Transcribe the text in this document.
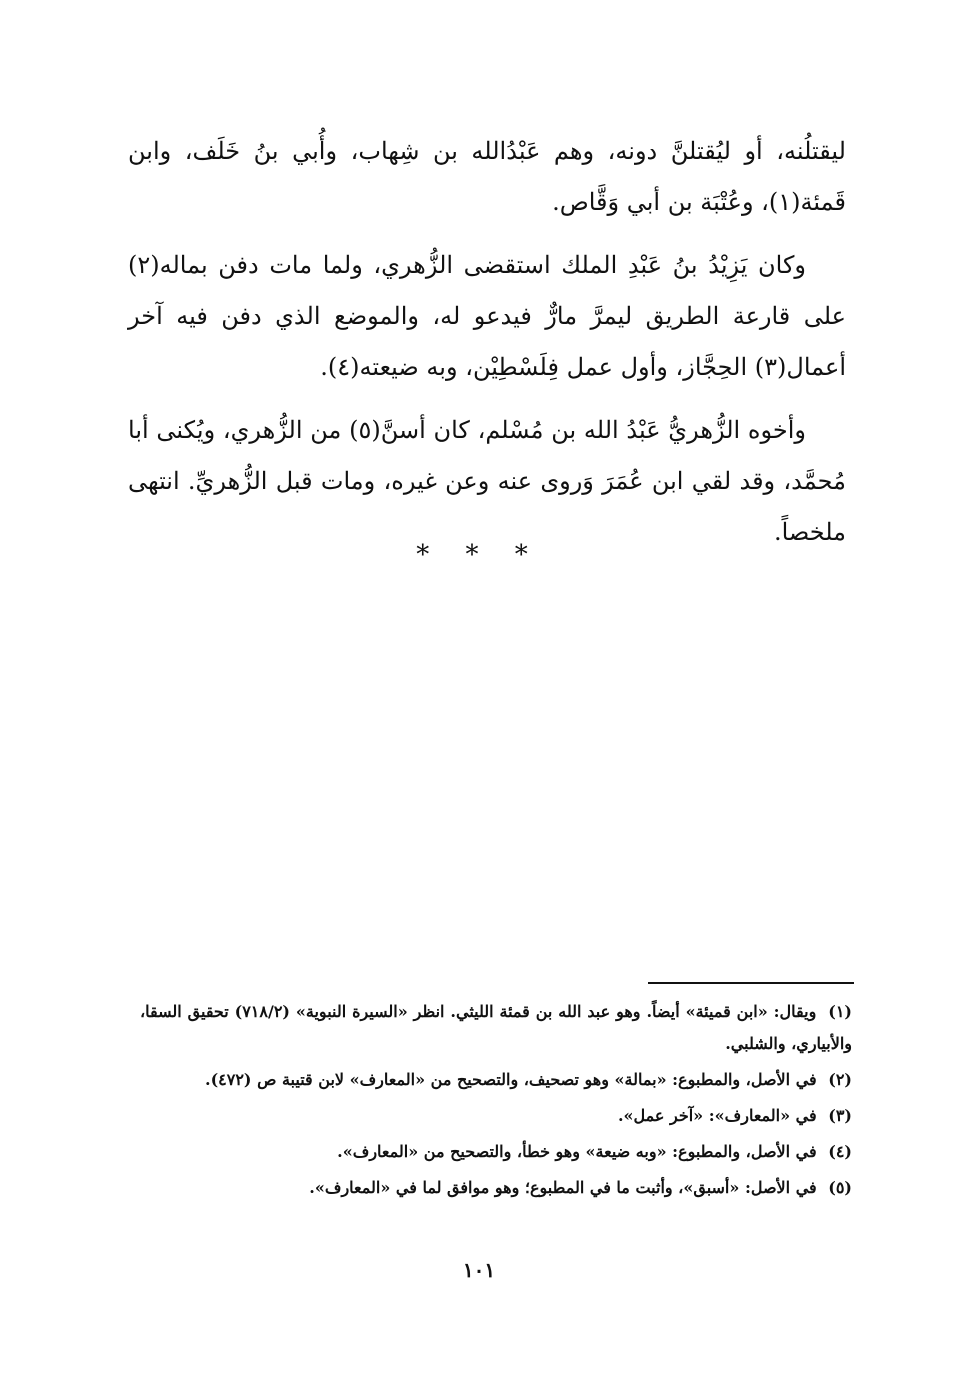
ليقتلُنه، أو ليُقتلنَّ دونه، وهم عَبْدُالله بن شِهاب، وأُبي بنُ خَلَف، وابن قَمئة(١)، وعُتْبَة بن أبي وَقَّاص.

وكان يَزِيْدُ بنُ عَبْدِ الملك استقضى الزُّهري، ولما مات دفن بماله(٢) على قارعة الطريق ليمرَّ مارٌّ فيدعو له، والموضع الذي دفن فيه آخر أعمال(٣) الحِجَّاز، وأول عمل فِلَسْطِيْن، وبه ضيعته(٤).

وأخوه الزُّهريُّ عَبْدُ الله بن مُسْلم، كان أسنَّ(٥) من الزُّهري، ويُكنى أبا مُحمَّد، وقد لقي ابن عُمَرَ وَروى عنه وعن غيره، ومات قبل الزُّهريِّ. انتهى ملخصاً.

* * *

(١) ويقال: «ابن قميئة» أيضاً. وهو عبد الله بن قمئة الليثي. انظر «السيرة النبوية» (٧١٨/٢) تحقيق السقا، والأبياري، والشلبي.

(٢) في الأصل، والمطبوع: «بمالة» وهو تصحيف، والتصحيح من «المعارف» لابن قتيبة ص (٤٧٢).

(٣) في «المعارف»: «آخر عمل».

(٤) في الأصل، والمطبوع: «وبه ضيعة» وهو خطأ، والتصحيح من «المعارف».

(٥) في الأصل: «أسبق»، وأثبت ما في المطبوع؛ وهو موافق لما في «المعارف».

١٠١
